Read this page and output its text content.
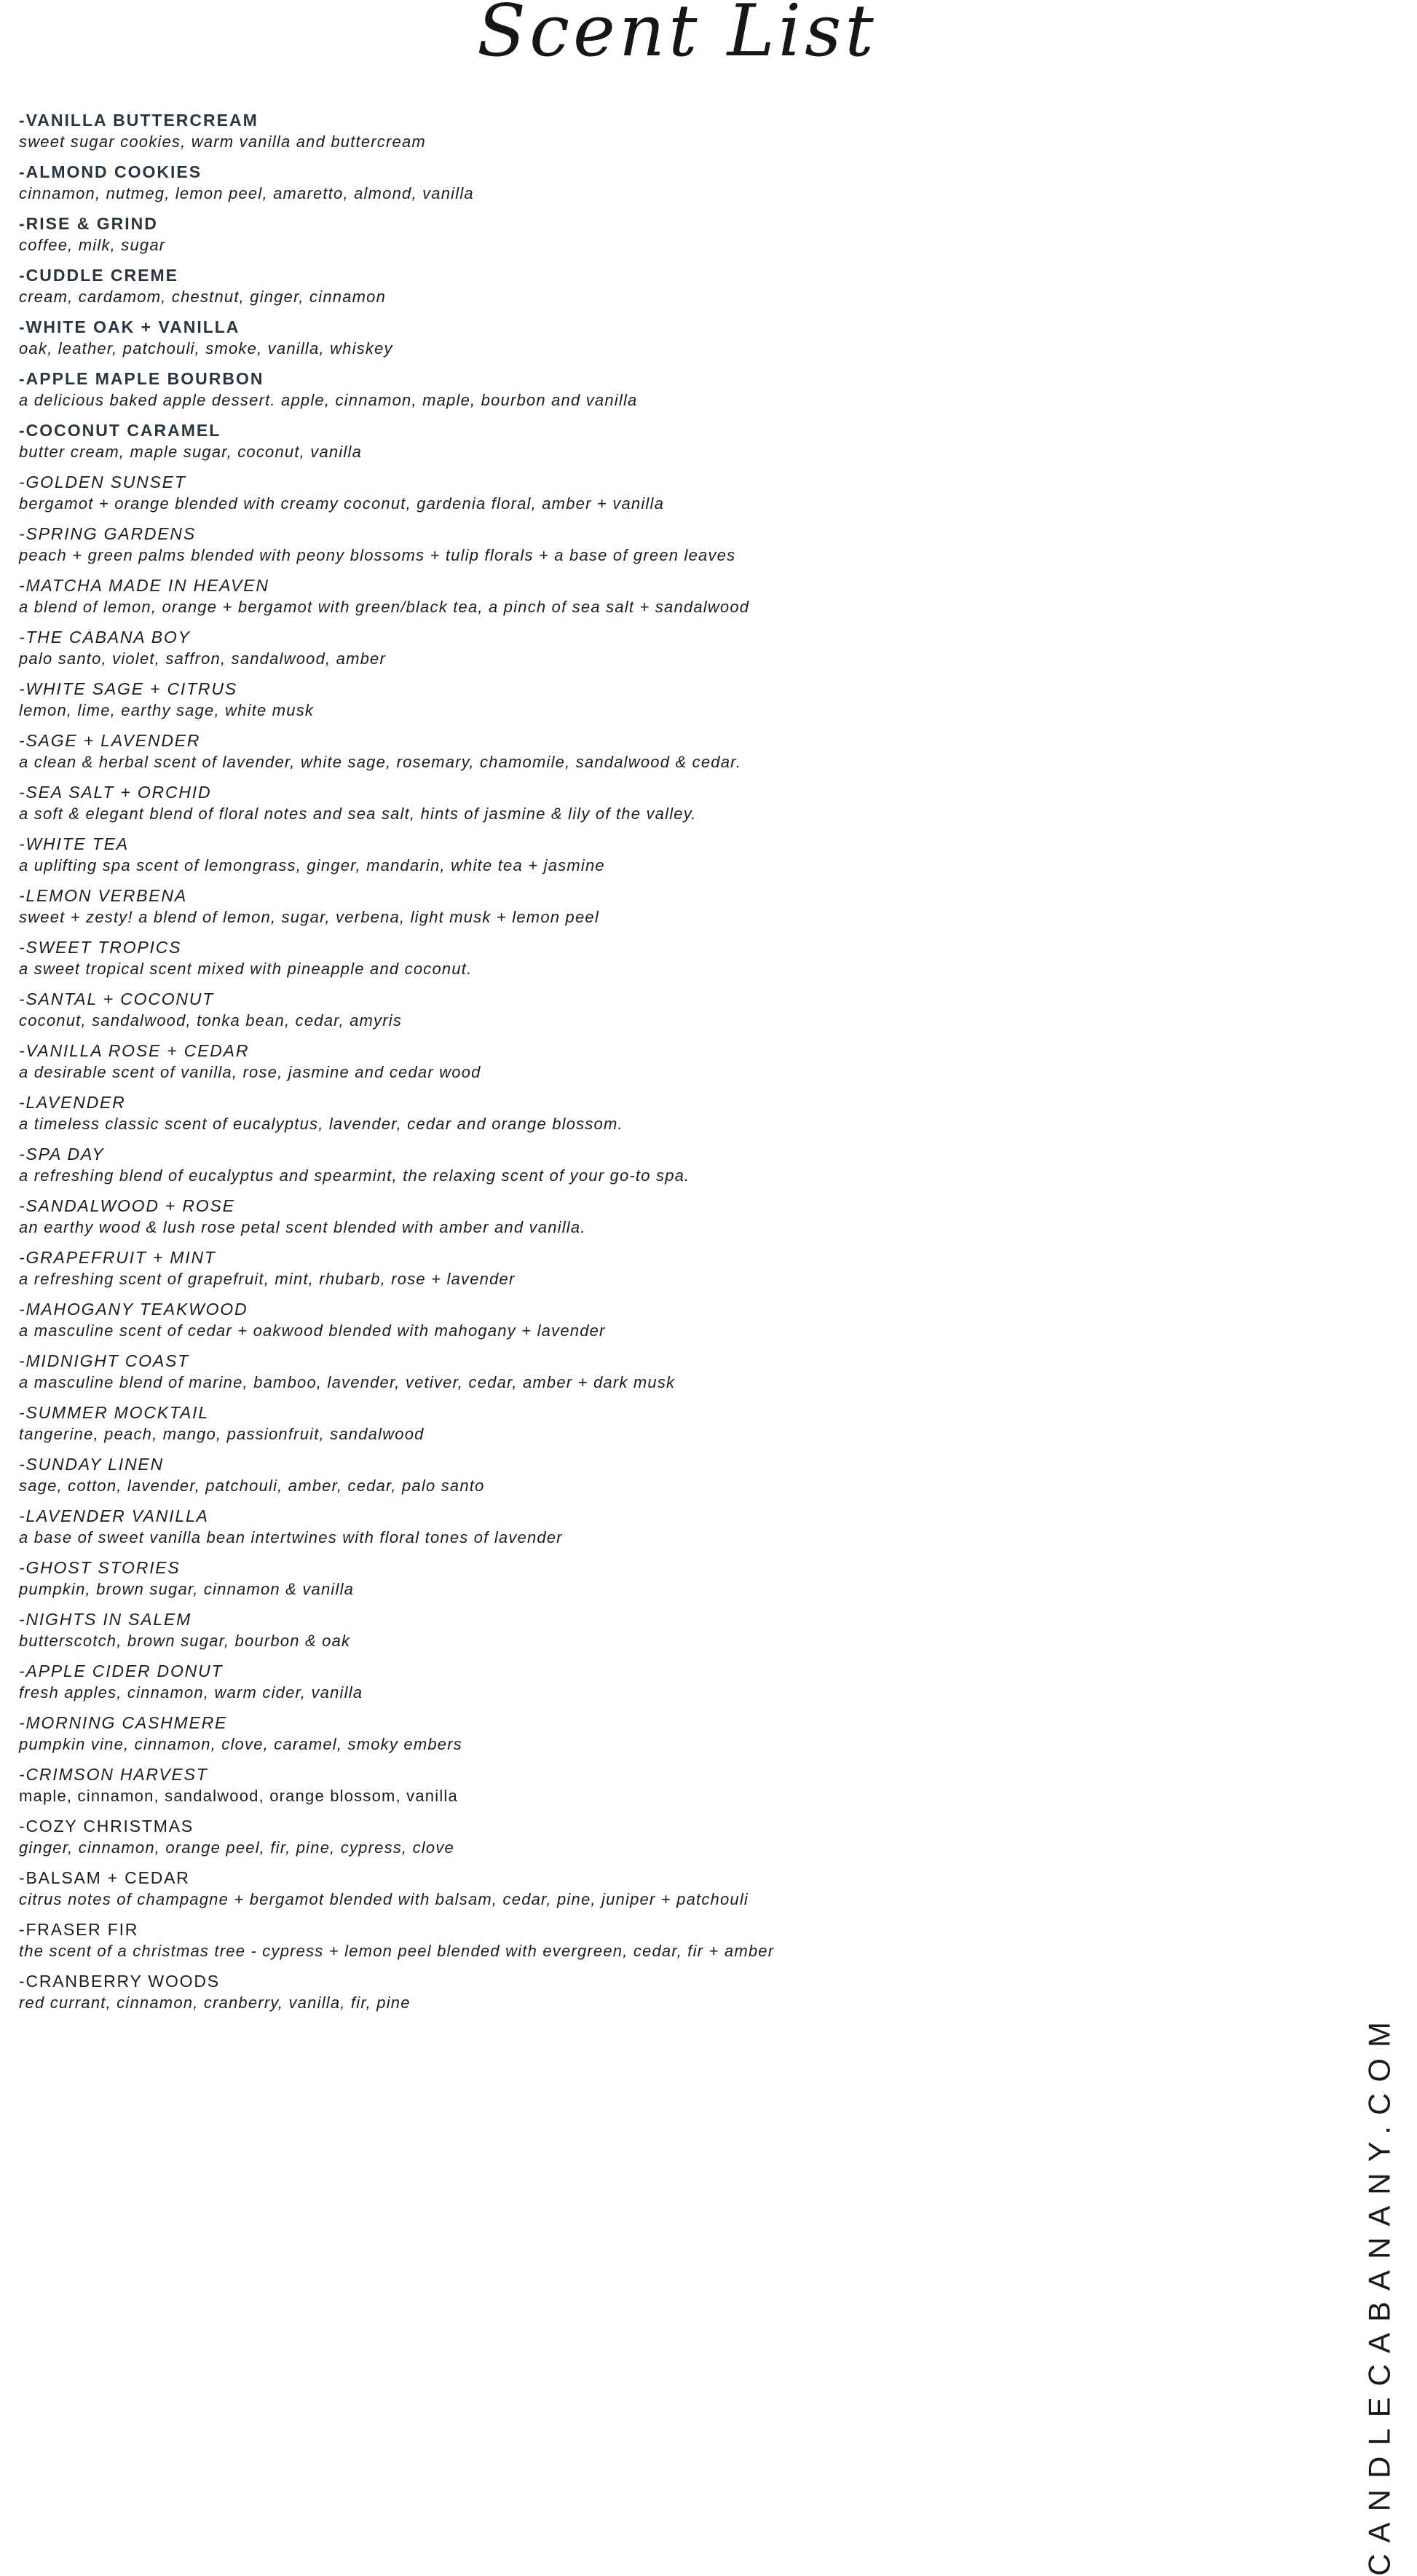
Scent List
-VANILLA BUTTERCREAM

sweet sugar cookies, warm vanilla and buttercream

-ALMOND COOKIES

cinnamon, nutmeg, lemon peel, amaretto, almond, vanilla

-RISE & GRIND

coffee, milk, sugar

-CUDDLE CREME

cream, cardamom, chestnut, ginger, cinnamon

-WHITE OAK + VANILLA

oak, leather, patchouli, smoke, vanilla, whiskey

-APPLE MAPLE BOURBON

a delicious baked apple dessert. apple, cinnamon, maple, bourbon and vanilla

-COCONUT CARAMEL

butter cream, maple sugar, coconut, vanilla

-GOLDEN SUNSET

bergamot + orange blended with creamy coconut, gardenia floral, amber + vanilla

-SPRING GARDENS

peach + green palms blended with peony blossoms + tulip florals + a base of green leaves

-MATCHA MADE IN HEAVEN

a blend of lemon, orange + bergamot with green/black tea, a pinch of sea salt + sandalwood

-THE CABANA BOY

palo santo, violet, saffron, sandalwood, amber

-WHITE SAGE + CITRUS

lemon, lime, earthy sage, white musk

-SAGE + LAVENDER

a clean & herbal scent of lavender, white sage, rosemary, chamomile, sandalwood & cedar.

-SEA SALT + ORCHID

a soft & elegant blend of floral notes and sea salt, hints of jasmine & lily of the valley.

-WHITE TEA

a uplifting spa scent of lemongrass, ginger, mandarin, white tea + jasmine

-LEMON VERBENA

sweet + zesty! a blend of lemon, sugar, verbena, light musk + lemon peel

-SWEET TROPICS

a sweet tropical scent mixed with pineapple and coconut.

-SANTAL + COCONUT

coconut, sandalwood, tonka bean, cedar, amyris

-VANILLA ROSE + CEDAR

a desirable scent of vanilla, rose, jasmine and cedar wood

-LAVENDER

a timeless classic scent of eucalyptus, lavender, cedar and orange blossom.

-SPA DAY

a refreshing blend of eucalyptus and spearmint, the relaxing scent of your go-to spa.

-SANDALWOOD + ROSE

an earthy wood & lush rose petal scent blended with amber and vanilla.

-GRAPEFRUIT + MINT

a refreshing scent of grapefruit, mint, rhubarb, rose + lavender

-MAHOGANY TEAKWOOD

a masculine scent of cedar + oakwood blended with mahogany + lavender

-MIDNIGHT COAST

a masculine blend of marine, bamboo, lavender, vetiver, cedar, amber + dark musk

-SUMMER MOCKTAIL

tangerine, peach, mango, passionfruit, sandalwood

-SUNDAY LINEN

sage, cotton, lavender, patchouli, amber, cedar, palo santo

-LAVENDER VANILLA

a base of sweet vanilla bean intertwines with floral tones of lavender

-GHOST STORIES

pumpkin, brown sugar, cinnamon & vanilla

-NIGHTS IN SALEM

butterscotch, brown sugar, bourbon & oak

-APPLE CIDER DONUT

fresh apples, cinnamon, warm cider, vanilla

-MORNING CASHMERE

pumpkin vine, cinnamon, clove, caramel, smoky embers

-CRIMSON HARVEST

maple, cinnamon, sandalwood, orange blossom, vanilla

-COZY CHRISTMAS

ginger, cinnamon, orange peel, fir, pine, cypress, clove

-BALSAM + CEDAR

citrus notes of champagne + bergamot blended with balsam, cedar, pine, juniper + patchouli

-FRASER FIR

the scent of a christmas tree - cypress + lemon peel blended with evergreen, cedar, fir + amber

-CRANBERRY WOODS

red currant, cinnamon, cranberry, vanilla, fir, pine

CANDLECABANANY.COM
